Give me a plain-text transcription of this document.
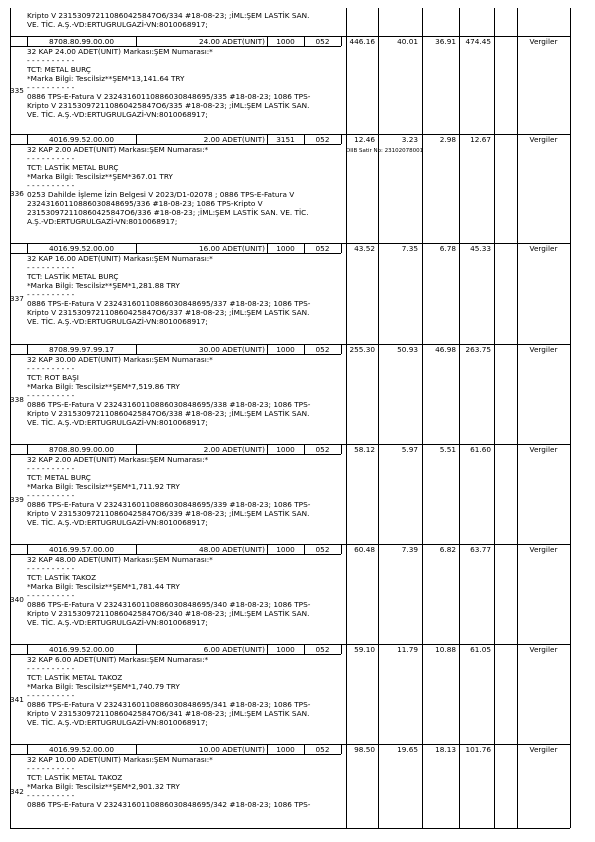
Kripto V 231530972110860425847O6/334 #18-08-23; ;İML:ŞEM LASTİK SAN.
VE. TİC. A.Ş.-VD:ERTUGRULGAZİ-VN:8010068917;
8708.80.99.00.00	24.00 ADET(UNIT)	1000	052	446.16	40.01	36.91	474.45	Vergiler
335
32 KAP 24.00 ADET(UNIT) Markası:ŞEM Numarası:*
- - - - - - - - - -
TCT: METAL BURÇ
*Marka Bilgi: Tescilsiz**ŞEM*13,141.64 TRY
- - - - - - - - - -
0886 TPS-E-Fatura V 23243160110886030848695/335 #18-08-23; 1086 TPS-
Kripto V 231530972110860425847O6/335 #18-08-23; ;İML:ŞEM LASTİK SAN.
VE. TİC. A.Ş.-VD:ERTUGRULGAZİ-VN:8010068917;
4016.99.52.00.00	2.00 ADET(UNIT)	3151	052	12.46	3.23	2.98	12.67	Vergiler
DIIB Satir No: 23102078001
336
32 KAP 2.00 ADET(UNIT) Markası:ŞEM Numarası:*
- - - - - - - - - -
TCT: LASTİK METAL BURÇ
*Marka Bilgi: Tescilsiz**ŞEM*367.01 TRY
- - - - - - - - - -
0253 Dahilde İşleme İzin Belgesi V 2023/D1-02078 ; 0886 TPS-E-Fatura V
23243160110886030848695/336 #18-08-23; 1086 TPS-Kripto V
231530972110860425847O6/336 #18-08-23; ;İML:ŞEM LASTİK SAN. VE. TİC.
A.Ş.-VD:ERTUGRULGAZİ-VN:8010068917;
4016.99.52.00.00	16.00 ADET(UNIT)	1000	052	43.52	7.35	6.78	45.33	Vergiler
337
32 KAP 16.00 ADET(UNIT) Markası:ŞEM Numarası:*
- - - - - - - - - -
TCT: LASTİK METAL BURÇ
*Marka Bilgi: Tescilsiz**ŞEM*1,281.88 TRY
- - - - - - - - - -
0886 TPS-E-Fatura V 23243160110886030848695/337 #18-08-23; 1086 TPS-
Kripto V 231530972110860425847O6/337 #18-08-23; ;İML:ŞEM LASTİK SAN.
VE. TİC. A.Ş.-VD:ERTUGRULGAZİ-VN:8010068917;
8708.99.97.99.17	30.00 ADET(UNIT)	1000	052	255.30	50.93	46.98	263.75	Vergiler
338
32 KAP 30.00 ADET(UNIT) Markası:ŞEM Numarası:*
- - - - - - - - - -
TCT: ROT BAŞI
*Marka Bilgi: Tescilsiz**ŞEM*7,519.86 TRY
- - - - - - - - - -
0886 TPS-E-Fatura V 23243160110886030848695/338 #18-08-23; 1086 TPS-
Kripto V 231530972110860425847O6/338 #18-08-23; ;İML:ŞEM LASTİK SAN.
VE. TİC. A.Ş.-VD:ERTUGRULGAZİ-VN:8010068917;
8708.80.99.00.00	2.00 ADET(UNIT)	1000	052	58.12	5.97	5.51	61.60	Vergiler
339
32 KAP 2.00 ADET(UNIT) Markası:ŞEM Numarası:*
- - - - - - - - - -
TCT: METAL BURÇ
*Marka Bilgi: Tescilsiz**ŞEM*1,711.92 TRY
- - - - - - - - - -
0886 TPS-E-Fatura V 23243160110886030848695/339 #18-08-23; 1086 TPS-
Kripto V 231530972110860425847O6/339 #18-08-23; ;İML:ŞEM LASTİK SAN.
VE. TİC. A.Ş.-VD:ERTUGRULGAZİ-VN:8010068917;
4016.99.57.00.00	48.00 ADET(UNIT)	1000	052	60.48	7.39	6.82	63.77	Vergiler
340
32 KAP 48.00 ADET(UNIT) Markası:ŞEM Numarası:*
- - - - - - - - - -
TCT: LASTİK TAKOZ
*Marka Bilgi: Tescilsiz**ŞEM*1,781.44 TRY
- - - - - - - - - -
0886 TPS-E-Fatura V 23243160110886030848695/340 #18-08-23; 1086 TPS-
Kripto V 231530972110860425847O6/340 #18-08-23; ;İML:ŞEM LASTİK SAN.
VE. TİC. A.Ş.-VD:ERTUGRULGAZİ-VN:8010068917;
4016.99.52.00.00	6.00 ADET(UNIT)	1000	052	59.10	11.79	10.88	61.05	Vergiler
341
32 KAP 6.00 ADET(UNIT) Markası:ŞEM Numarası:*
- - - - - - - - - -
TCT: LASTİK METAL TAKOZ
*Marka Bilgi: Tescilsiz**ŞEM*1,740.79 TRY
- - - - - - - - - -
0886 TPS-E-Fatura V 23243160110886030848695/341 #18-08-23; 1086 TPS-
Kripto V 231530972110860425847O6/341 #18-08-23; ;İML:ŞEM LASTİK SAN.
VE. TİC. A.Ş.-VD:ERTUGRULGAZİ-VN:8010068917;
4016.99.52.00.00	10.00 ADET(UNIT)	1000	052	98.50	19.65	18.13	101.76	Vergiler
342
32 KAP 10.00 ADET(UNIT) Markası:ŞEM Numarası:*
- - - - - - - - - -
TCT: LASTİK METAL TAKOZ
*Marka Bilgi: Tescilsiz**ŞEM*2,901.32 TRY
- - - - - - - - - -
0886 TPS-E-Fatura V 23243160110886030848695/342 #18-08-23; 1086 TPS-
